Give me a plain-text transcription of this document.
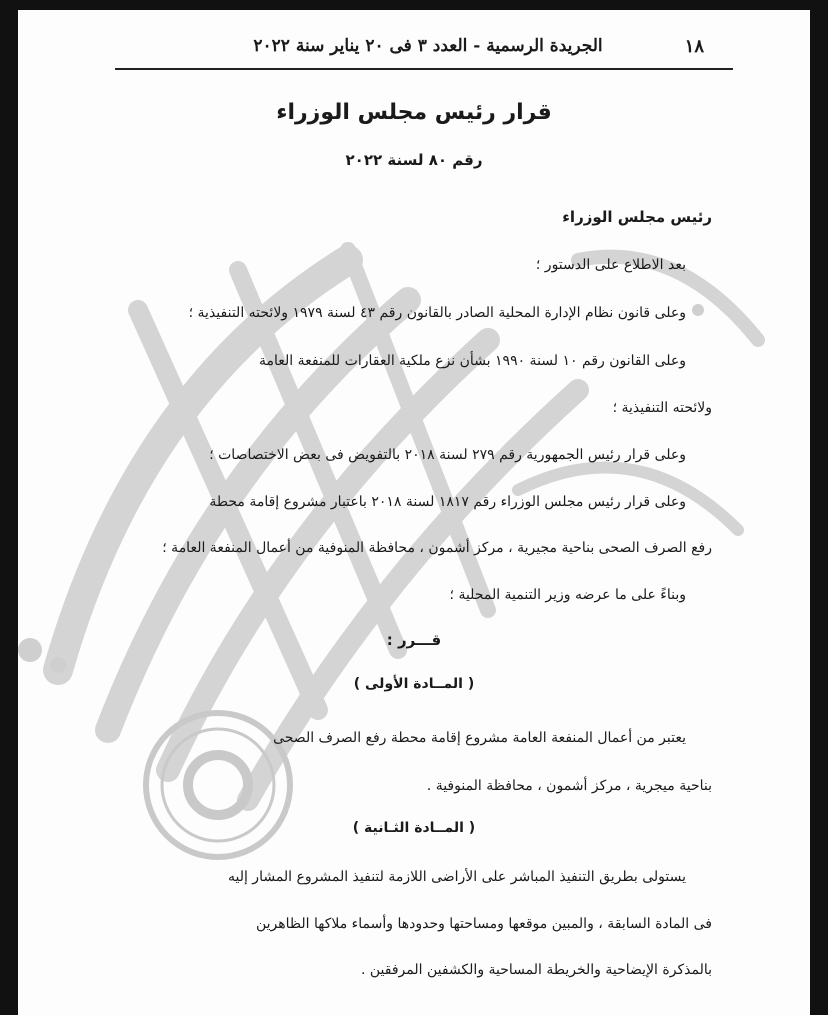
١٨
الجريدة الرسمية - العدد ٣ فى ٢٠ يناير سنة ٢٠٢٢
قرار رئيس مجلس الوزراء
رقم ٨٠ لسنة ٢٠٢٢
رئيس مجلس الوزراء
بعد الاطلاع على الدستور ؛
وعلى قانون نظام الإدارة المحلية الصادر بالقانون رقم ٤٣ لسنة ١٩٧٩ ولائحته التنفيذية ؛
وعلى القانون رقم ١٠ لسنة ١٩٩٠ بشأن نزع ملكية العقارات للمنفعة العامة
ولائحته التنفيذية ؛
وعلى قرار رئيس الجمهورية رقم ٢٧٩ لسنة ٢٠١٨ بالتفويض فى بعض الاختصاصات ؛
وعلى قرار رئيس مجلس الوزراء رقم ١٨١٧ لسنة ٢٠١٨ باعتبار مشروع إقامة محطة
رفع الصرف الصحى بناحية مجيرية ، مركز أشمون ، محافظة المنوفية من أعمال المنفعة العامة ؛
وبناءً على ما عرضه وزير التنمية المحلية ؛
قـــرر :
( المــادة الأولى )
يعتبر من أعمال المنفعة العامة مشروع إقامة محطة رفع الصرف الصحى
بناحية ميجرية ، مركز أشمون ، محافظة المنوفية .
( المــادة الثـانية )
يستولى بطريق التنفيذ المباشر على الأراضى اللازمة لتنفيذ المشروع المشار إليه
فى المادة السابقة ، والمبين موقعها ومساحتها وحدودها وأسماء ملاكها الظاهرين
بالمذكرة الإيضاحية والخريطة المساحية والكشفين المرفقين .
